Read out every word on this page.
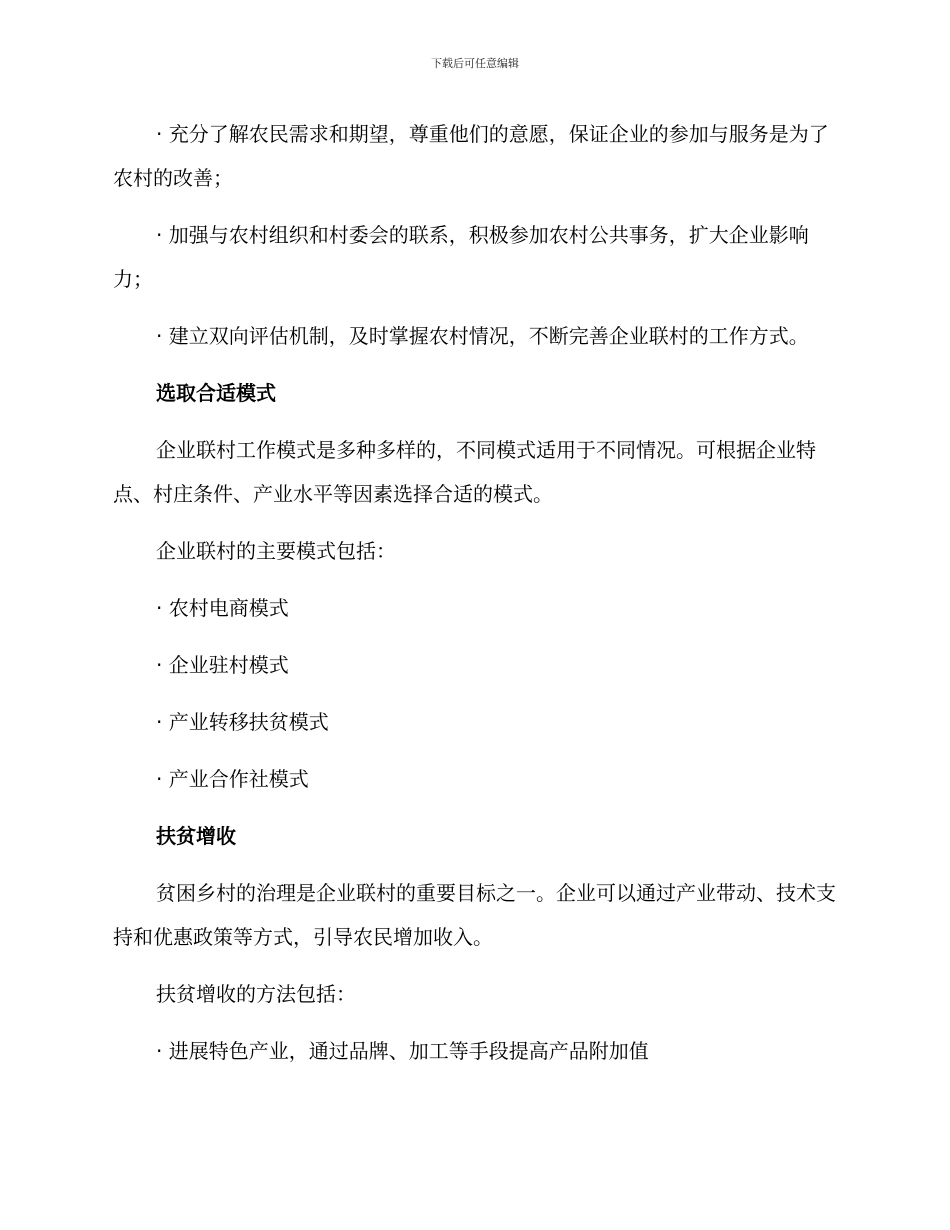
下载后可任意编辑

· 充分了解农民需求和期望，尊重他们的意愿，保证企业的参加与服务是为了农村的改善；

· 加强与农村组织和村委会的联系，积极参加农村公共事务，扩大企业影响力；

· 建立双向评估机制，及时掌握农村情况，不断完善企业联村的工作方式。

选取合适模式

企业联村工作模式是多种多样的，不同模式适用于不同情况。可根据企业特点、村庄条件、产业水平等因素选择合适的模式。

企业联村的主要模式包括：

· 农村电商模式

· 企业驻村模式

· 产业转移扶贫模式

· 产业合作社模式

扶贫增收

贫困乡村的治理是企业联村的重要目标之一。企业可以通过产业带动、技术支持和优惠政策等方式，引导农民增加收入。

扶贫增收的方法包括：

· 进展特色产业，通过品牌、加工等手段提高产品附加值
